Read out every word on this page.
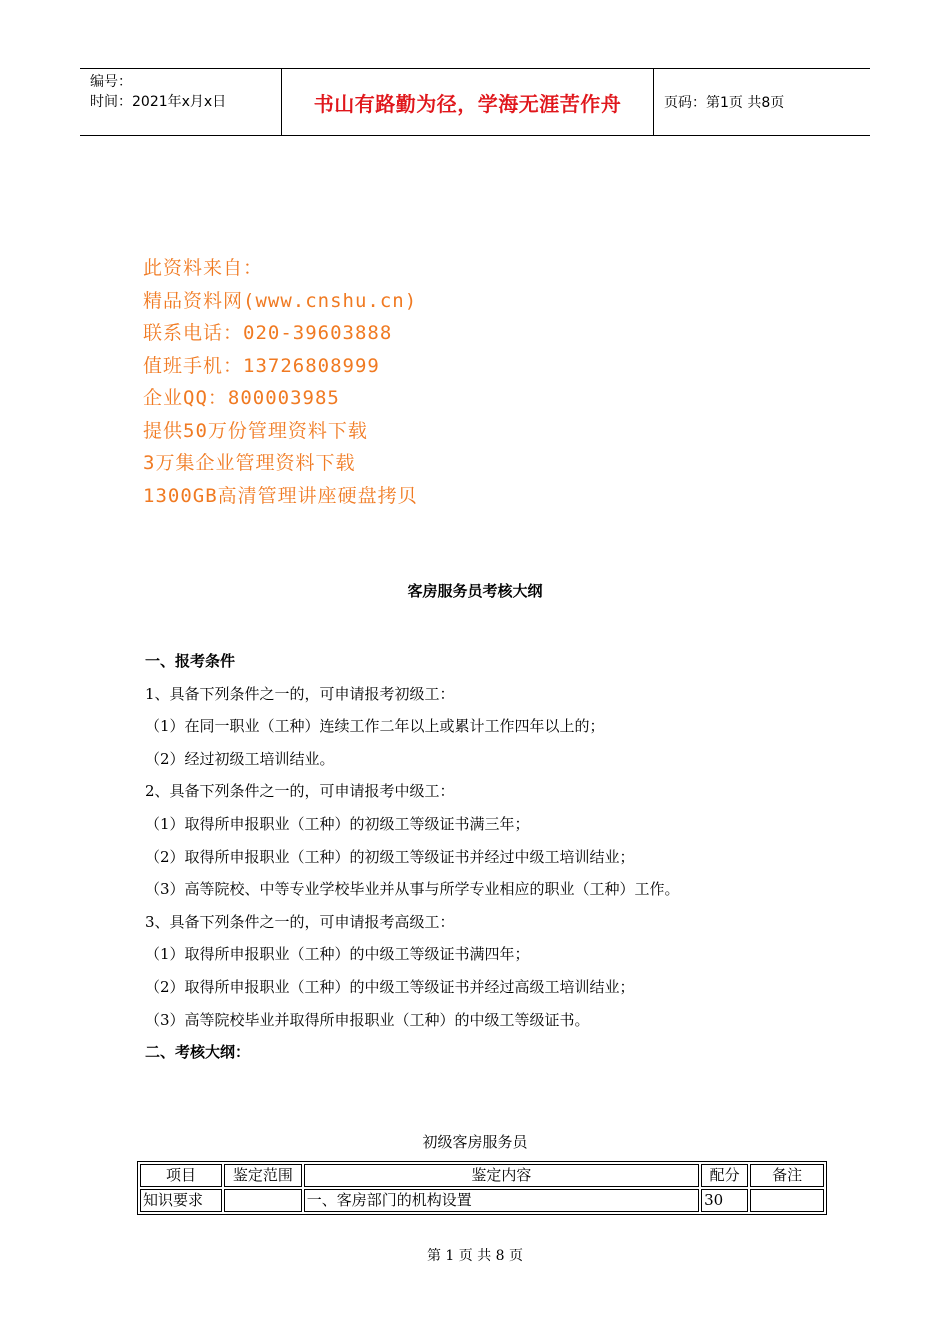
编号：
时间：2021年x月x日	书山有路勤为径，学海无涯苦作舟	页码：第1页 共8页
此资料来自：
精品资料网(www.cnshu.cn)
联系电话：020-39603888
值班手机：13726808999
企业QQ：800003985
提供50万份管理资料下载
3万集企业管理资料下载
1300GB高清管理讲座硬盘拷贝
客房服务员考核大纲
一、报考条件
1、具备下列条件之一的，可申请报考初级工：
（1）在同一职业（工种）连续工作二年以上或累计工作四年以上的；
（2）经过初级工培训结业。
2、具备下列条件之一的，可申请报考中级工：
（1）取得所申报职业（工种）的初级工等级证书满三年；
（2）取得所申报职业（工种）的初级工等级证书并经过中级工培训结业；
（3）高等院校、中等专业学校毕业并从事与所学专业相应的职业（工种）工作。
3、具备下列条件之一的，可申请报考高级工：
（1）取得所申报职业（工种）的中级工等级证书满四年；
（2）取得所申报职业（工种）的中级工等级证书并经过高级工培训结业；
（3）高等院校毕业并取得所申报职业（工种）的中级工等级证书。
二、考核大纲：
初级客房服务员
项目	鉴定范围	鉴定内容	配分	备注
知识要求		一、客房部门的机构设置	30	
第 1 页 共 8 页
